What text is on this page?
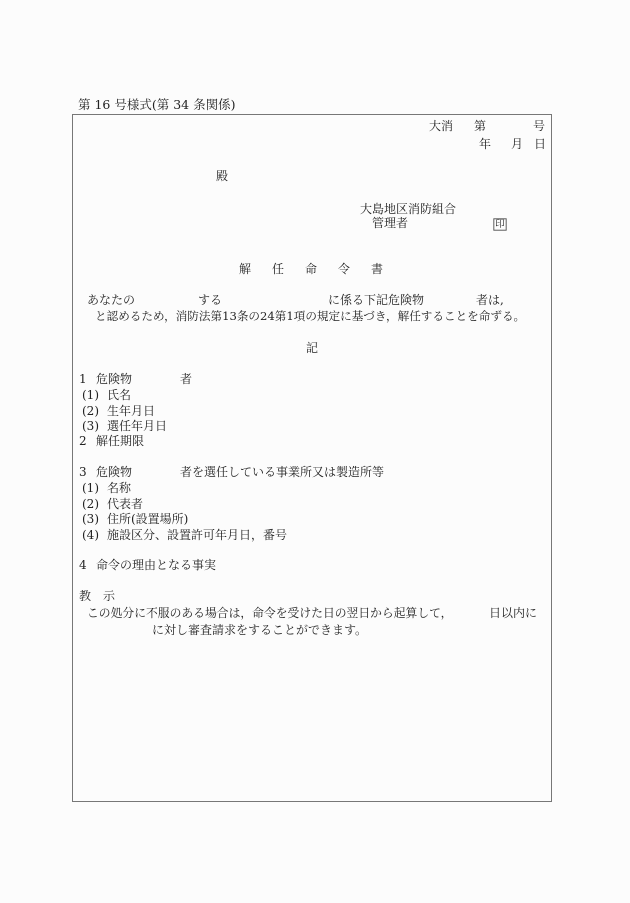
第 16 号様式(第 34 条関係)
大消 第	号
年 月 日
殿
大島地区消防組合
管理者	印
解 任 命 令 書
あなたの	する	に係る下記危険物	者は,
と認めるため，消防法第13条の24第1項の規定に基づき，解任することを命ずる。
記
1 危険物	者
(1) 氏名
(2) 生年月日
(3) 選任年月日
2 解任期限
3 危険物	者を選任している事業所又は製造所等
(1) 名称
(2) 代表者
(3) 住所(設置場所)
(4) 施設区分、設置許可年月日，番号
4 命令の理由となる事実
教　示
この処分に不服のある場合は，命令を受けた日の翌日から起算して，	日以内に
に対し審査請求をすることができます。
